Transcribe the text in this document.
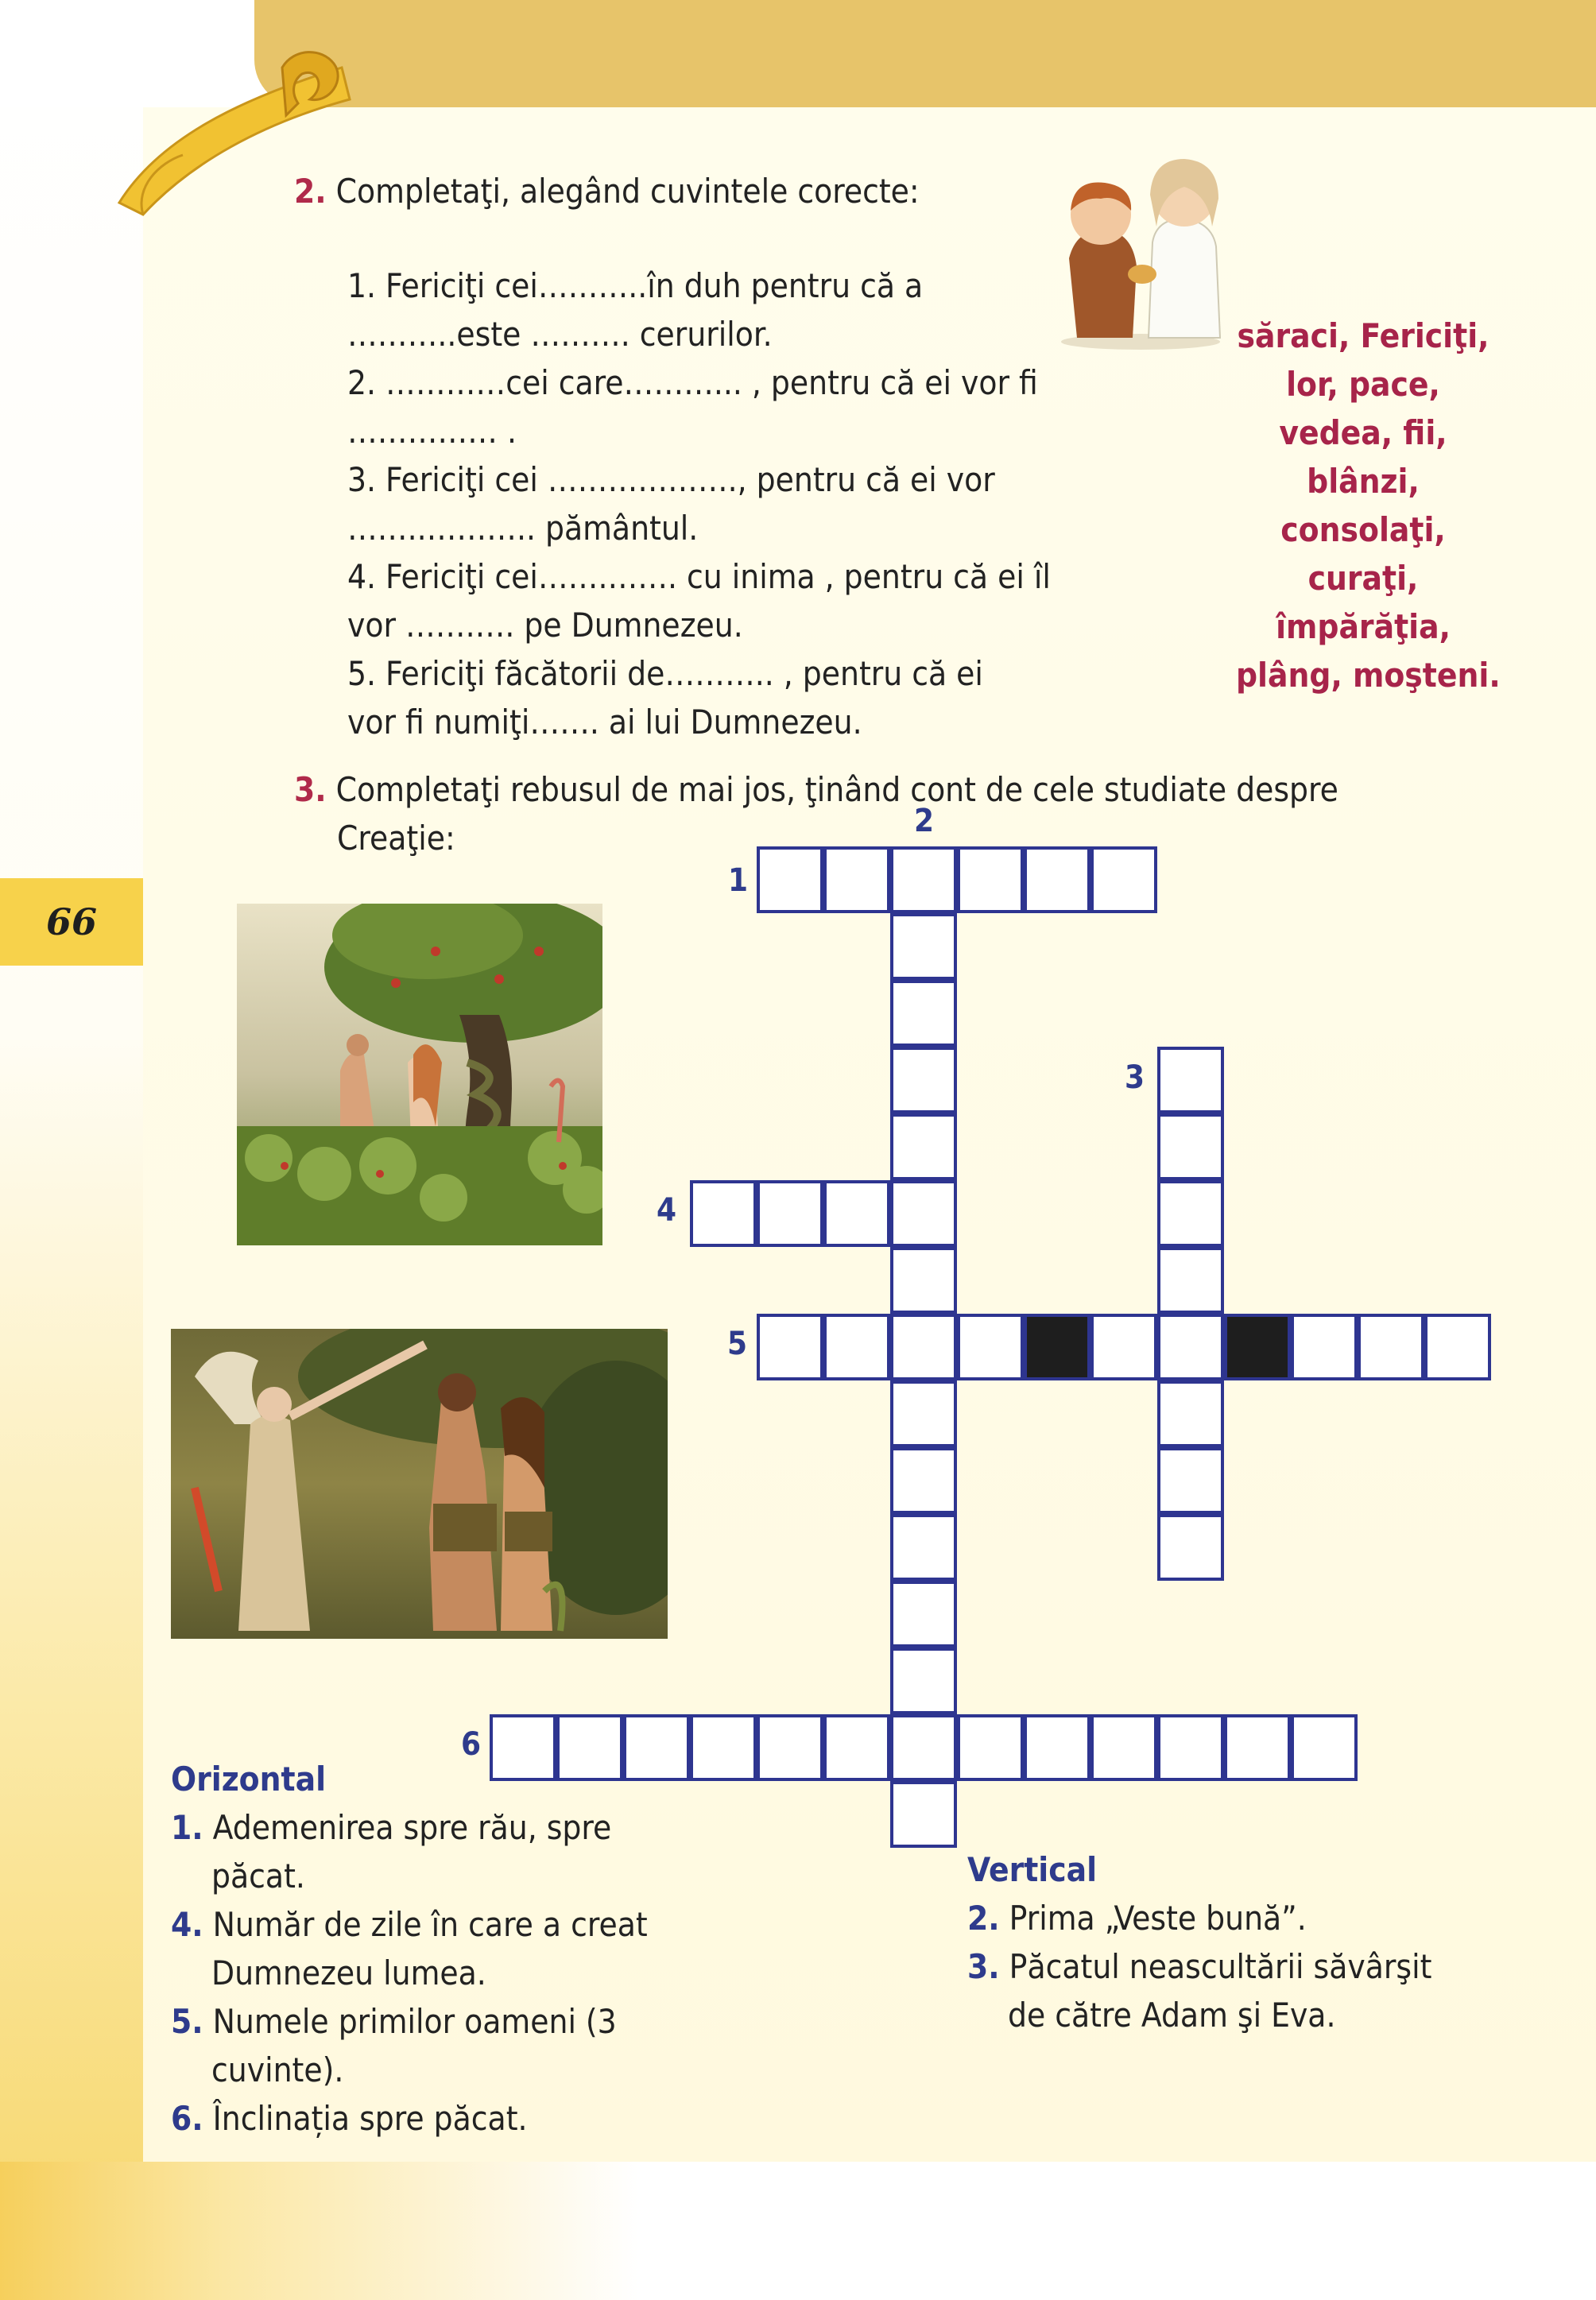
66
2. Completaţi, alegând cuvintele corecte:
1. Fericiţi cei………..în duh pentru că a
………..este ………. cerurilor.
2. …………cei care………... , pentru că ei vor fi
…………… .
3. Fericiţi cei ………………., pentru că ei vor
……..……….. pământul.
4. Fericiţi cei…….……. cu inima , pentru că ei îl
vor …….…. pe Dumnezeu.
5. Fericiţi făcătorii de……….. , pentru că ei
vor fi numiţi……. ai lui Dumnezeu.
săraci, Fericiţi,
lor, pace,
vedea, fii,
blânzi,
consolaţi,
curaţi,
împărăţia,
plâng, moşteni.
3. Completaţi rebusul de mai jos, ţinând cont de cele studiate despre
Creaţie:
1
2
3
4
5
6
Orizontal
1. Ademenirea spre rău, spre
păcat.
4. Număr de zile în care a creat
Dumnezeu lumea.
5. Numele primilor oameni (3
cuvinte).
6. Înclinația spre păcat.
Vertical
2. Prima „Veste bună”.
3. Păcatul neascultării săvârşit
de către Adam şi Eva.
